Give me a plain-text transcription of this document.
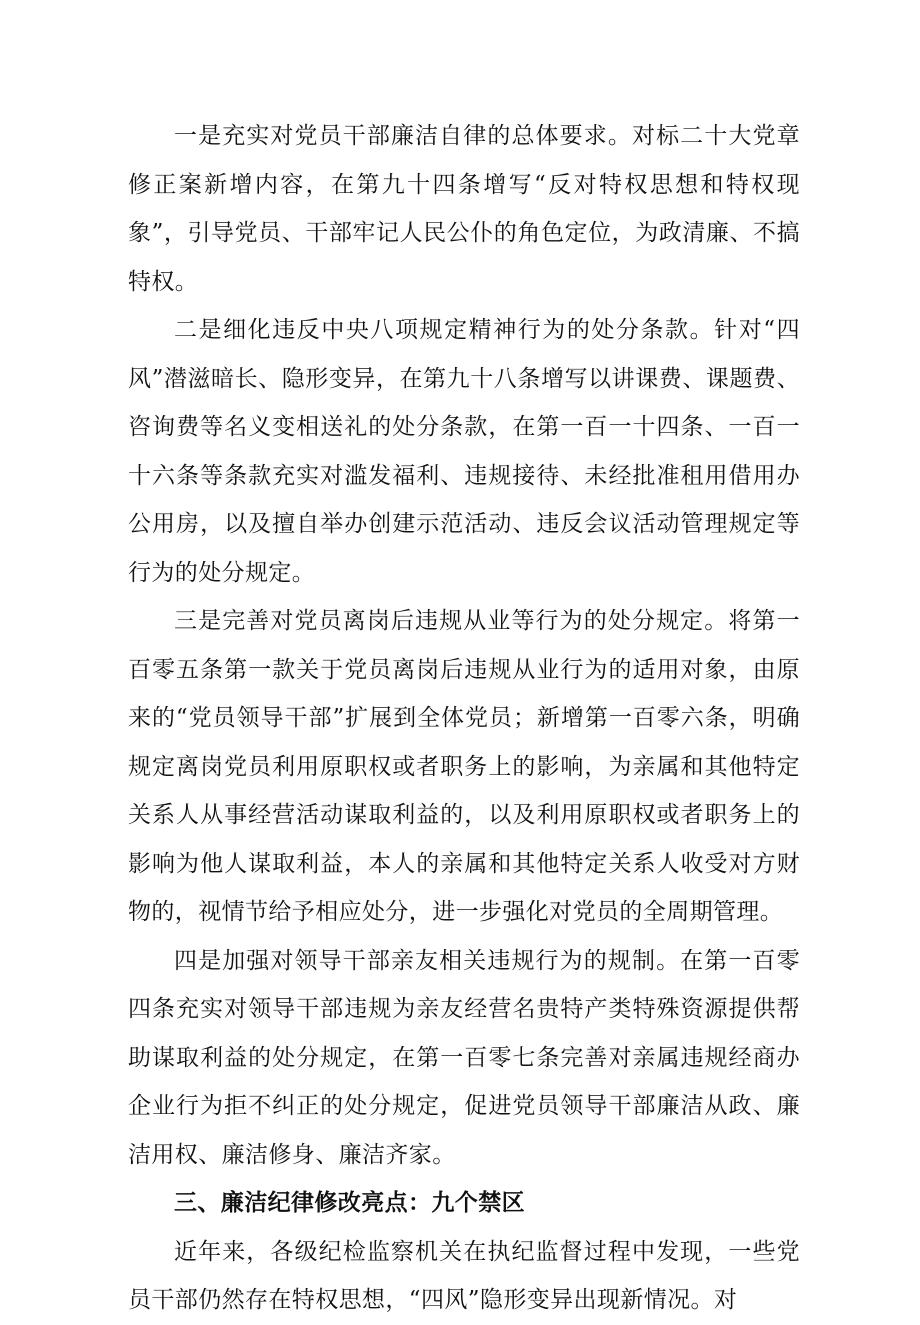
一是充实对党员干部廉洁自律的总体要求。对标二十大党章修正案新增内容，在第九十四条增写“反对特权思想和特权现象”，引导党员、干部牢记人民公仆的角色定位，为政清廉、不搞特权。

二是细化违反中央八项规定精神行为的处分条款。针对“四风”潜滋暗长、隐形变异，在第九十八条增写以讲课费、课题费、咨询费等名义变相送礼的处分条款，在第一百一十四条、一百一十六条等条款充实对滥发福利、违规接待、未经批准租用借用办公用房，以及擅自举办创建示范活动、违反会议活动管理规定等行为的处分规定。

三是完善对党员离岗后违规从业等行为的处分规定。将第一百零五条第一款关于党员离岗后违规从业行为的适用对象，由原来的“党员领导干部”扩展到全体党员；新增第一百零六条，明确规定离岗党员利用原职权或者职务上的影响，为亲属和其他特定关系人从事经营活动谋取利益的，以及利用原职权或者职务上的影响为他人谋取利益，本人的亲属和其他特定关系人收受对方财物的，视情节给予相应处分，进一步强化对党员的全周期管理。

四是加强对领导干部亲友相关违规行为的规制。在第一百零四条充实对领导干部违规为亲友经营名贵特产类特殊资源提供帮助谋取利益的处分规定，在第一百零七条完善对亲属违规经商办企业行为拒不纠正的处分规定，促进党员领导干部廉洁从政、廉洁用权、廉洁修身、廉洁齐家。

三、廉洁纪律修改亮点：九个禁区

近年来，各级纪检监察机关在执纪监督过程中发现，一些党员干部仍然存在特权思想，“四风”隐形变异出现新情况。对
